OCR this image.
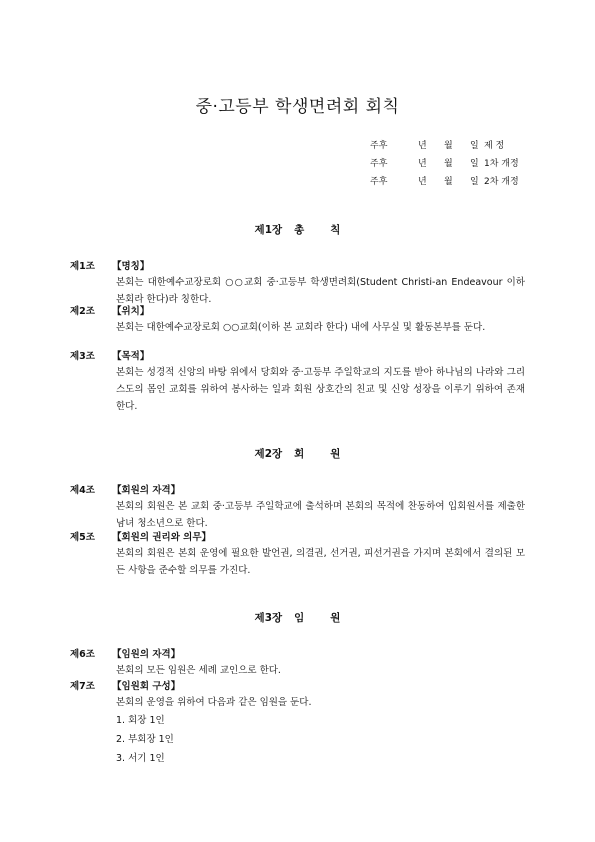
중·고등부 학생면려회 회칙
주후	년	월	일 제 정
주후	년	월	일 1차 개정
주후	년	월	일 2차 개정
제1장 총 칙
제1조 【명칭】
본회는 대한예수교장로회 ○○교회 중·고등부 학생면려회(Student Christi-an Endeavour 이하 본회라 한다)라 칭한다.
제2조 【위치】
본회는 대한예수교장로회 ○○교회(이하 본 교회라 한다) 내에 사무실 및 활동본부를 둔다.
제3조 【목적】
본회는 성경적 신앙의 바탕 위에서 당회와 중·고등부 주일학교의 지도를 받아 하나님의 나라와 그리스도의 몸인 교회를 위하여 봉사하는 일과 회원 상호간의 친교 및 신앙 성장을 이루기 위하여 존재한다.
제2장 회 원
제4조 【회원의 자격】
본회의 회원은 본 교회 중·고등부 주일학교에 출석하며 본회의 목적에 찬동하여 입회원서를 제출한 남녀 청소년으로 한다.
제5조 【회원의 권리와 의무】
본회의 회원은 본회 운영에 필요한 발언권, 의결권, 선거권, 피선거권을 가지며 본회에서 결의된 모든 사항을 준수할 의무를 가진다.
제3장 임 원
제6조 【임원의 자격】
본회의 모든 임원은 세례 교인으로 한다.
제7조 【임원회 구성】
본회의 운영을 위하여 다음과 같은 임원을 둔다.
1. 회장 1인
2. 부회장 1인
3. 서기 1인
